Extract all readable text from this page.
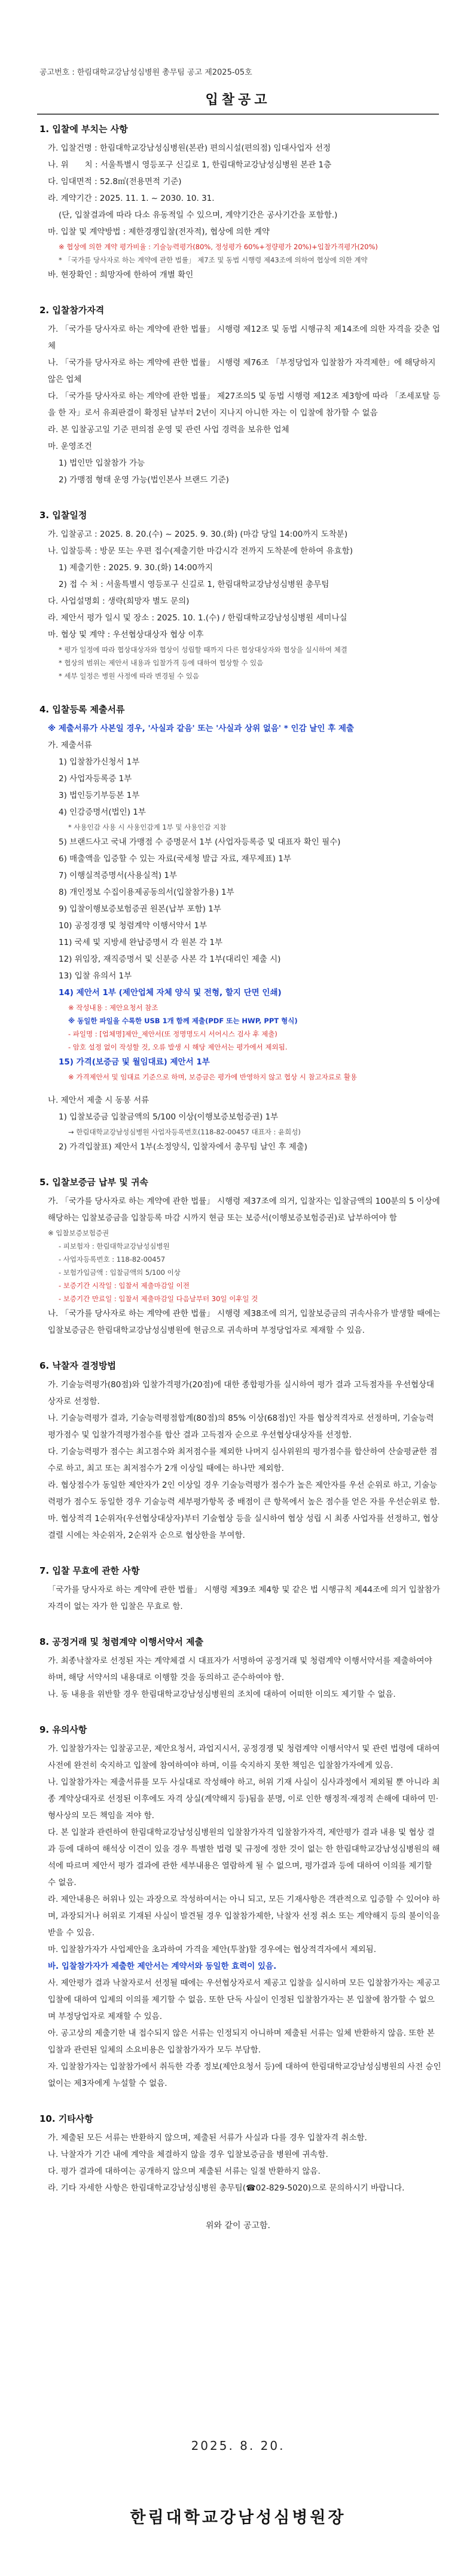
공고번호 : 한림대학교강남성심병원 총무팀 공고 제2025-05호
입찰공고
1. 입찰에 부치는 사항
가. 입찰건명 : 한림대학교강남성심병원(본관) 편의시설(편의점) 임대사업자 선정
나. 위　　치 : 서울특별시 영등포구 신길로 1, 한림대학교강남성심병원 본관 1층
다. 임대면적 : 52.8㎡(전용면적 기준)
라. 계약기간 : 2025. 11. 1. ~ 2030. 10. 31.
(단, 입찰결과에 따라 다소 유동적일 수 있으며, 계약기간은 공사기간을 포함함.)
마. 입찰 및 계약방법 : 제한경쟁입찰(전자적), 협상에 의한 계약
※ 협상에 의한 계약 평가비율 : 기술능력평가(80%, 정성평가 60%+정량평가 20%)+입찰가격평가(20%)
* 「국가를 당사자로 하는 계약에 관한 법률」 제7조 및 동법 시행령 제43조에 의하여 협상에 의한 계약
바. 현장확인 : 희망자에 한하여 개별 확인
2. 입찰참가자격
가. 「국가를 당사자로 하는 계약에 관한 법률」 시행령 제12조 및 동법 시행규칙 제14조에 의한 자격을 갖춘 업체
나. 「국가를 당사자로 하는 계약에 관한 법률」 시행령 제76조 「부정당업자 입찰참가 자격제한」에 해당하지 않은 업체
다. 「국가를 당사자로 하는 계약에 관한 법률」 제27조의5 및 동법 시행령 제12조 제3항에 따라 「조세포탈 등을 한 자」로서 유죄판결이 확정된 날부터 2년이 지나지 아니한 자는 이 입찰에 참가할 수 없음
라. 본 입찰공고일 기준 편의점 운영 및 관련 사업 경력을 보유한 업체
마. 운영조건
1) 법인만 입찰참가 가능
2) 가맹점 형태 운영 가능(법인본사 브랜드 기준)
3. 입찰일정
가. 입찰공고 : 2025. 8. 20.(수) ~ 2025. 9. 30.(화) (마감 당일 14:00까지 도착분)
나. 입찰등록 : 방문 또는 우편 접수(제출기한 마감시각 전까지 도착분에 한하여 유효함)
1) 제출기한 : 2025. 9. 30.(화) 14:00까지
2) 접 수 처 : 서울특별시 영등포구 신길로 1, 한림대학교강남성심병원 총무팀
다. 사업설명회 : 생략(희망자 별도 문의)
라. 제안서 평가 일시 및 장소 : 2025. 10. 1.(수) / 한림대학교강남성심병원 세미나실
마. 협상 및 계약 : 우선협상대상자 협상 이후
* 평가 일정에 따라 협상대상자와 협상이 성립할 때까지 다른 협상대상자와 협상을 실시하여 체결
* 협상의 범위는 제안서 내용과 입찰가격 등에 대하여 협상할 수 있음
* 세부 일정은 병원 사정에 따라 변경될 수 있음
4. 입찰등록 제출서류
※ 제출서류가 사본일 경우, '사실과 같음' 또는 '사실과 상위 없음' * 인감 날인 후 제출
가. 제출서류
1) 입찰참가신청서 1부
2) 사업자등록증 1부
3) 법인등기부등본 1부
4) 인감증명서(법인) 1부
* 사용인감 사용 시 사용인감계 1부 및 사용인감 지참
5) 브랜드사고 국내 가맹점 수 증명문서 1부 (사업자등록증 및 대표자 확인 필수)
6) 매출액을 입증할 수 있는 자료(국세청 발급 자료, 재무제표) 1부
7) 이행실적증명서(사용실적) 1부
8) 개인정보 수집이용제공동의서(입찰참가용) 1부
9) 입찰이행보증보험증권 원본(납부 포함) 1부
10) 공정경쟁 및 청렴계약 이행서약서 1부
11) 국세 및 지방세 완납증명서 각 원본 각 1부
12) 위임장, 재직증명서 및 신분증 사본 각 1부(대리인 제출 시)
13) 입찰 유의서 1부
14) 제안서 1부 (제안업체 자체 양식 및 전형, 할지 단면 인쇄)
※ 작성내용 : 제안요청서 참조
※ 동일한 파일을 수록한 USB 1개 함께 제출(PDF 또는 HWP, PPT 형식)
- 파일명 : [업체명]제안_제안서(또 정명명도시 서어시스 검사 후 제출)
- 암호 설정 없이 작성할 것, 오류 발생 시 해당 제안서는 평가에서 제외됨.
15) 가격(보증금 및 월임대료) 제안서 1부
※ 가격제안서 및 임대료 기준으로 하며, 보증금은 평가에 반영하지 않고 협상 시 참고자료로 활용
나. 제안서 제출 시 동봉 서류
1) 입찰보증금 입찰금액의 5/100 이상(이행보증보험증권) 1부
→ 한림대학교강남성심병원 사업자등록번호(118-82-00457 대표자 : 윤희성)
2) 가격입찰표) 제안서 1부(소정양식, 입찰자에서 총무팀 날인 후 제출)
5. 입찰보증금 납부 및 귀속
가. 「국가를 당사자로 하는 계약에 관한 법률」 시행령 제37조에 의거, 입찰자는 입찰금액의 100분의 5 이상에 해당하는 입찰보증금을 입찰등록 마감 시까지 현금 또는 보증서(이행보증보험증권)로 납부하여야 함
※ 입찰보증보험증권
- 피보험자 : 한림대학교강남성심병원
- 사업자등록번호 : 118-82-00457
- 보험가입금액 : 입찰금액의 5/100 이상
- 보증기간 시작일 : 입찰서 제출마감일 이전
- 보증기간 만료일 : 입찰서 제출마감일 다음날부터 30일 이후일 것
나. 「국가를 당사자로 하는 계약에 관한 법률」 시행령 제38조에 의거, 입찰보증금의 귀속사유가 발생할 때에는 입찰보증금은 한림대학교강남성심병원에 현금으로 귀속하며 부정당업자로 제재할 수 있음.
6. 낙찰자 결정방법
가. 기술능력평가(80점)와 입찰가격평가(20점)에 대한 종합평가를 실시하여 평가 결과 고득점자를 우선협상대상자로 선정함.
나. 기술능력평가 결과, 기술능력평점합계(80점)의 85% 이상(68점)인 자를 협상적격자로 선정하며, 기술능력평가점수 및 입찰가격평가점수를 합산 결과 고득점자 순으로 우선협상대상자를 선정함.
다. 기술능력평가 점수는 최고점수와 최저점수를 제외한 나머지 심사위원의 평가점수를 합산하여 산술평균한 점수로 하고, 최고 또는 최저점수가 2개 이상일 때에는 하나만 제외함.
라. 협상점수가 동일한 제안자가 2인 이상일 경우 기술능력평가 점수가 높은 제안자를 우선 순위로 하고, 기술능력평가 점수도 동일한 경우 기술능력 세부평가항목 중 배점이 큰 항목에서 높은 점수를 얻은 자를 우선순위로 함.
마. 협상적격 1순위자(우선협상대상자)부터 기술협상 등을 실시하여 협상 성립 시 최종 사업자를 선정하고, 협상 결렬 시에는 차순위자, 2순위자 순으로 협상한을 부여함.
7. 입찰 무효에 관한 사항
「국가를 당사자로 하는 계약에 관한 법률」 시행령 제39조 제4항 및 같은 법 시행규칙 제44조에 의거 입찰참가자격이 없는 자가 한 입찰은 무효로 함.
8. 공정거래 및 청렴계약 이행서약서 제출
가. 최종낙찰자로 선정된 자는 계약체결 시 대표자가 서명하여 공정거래 및 청렴계약 이행서약서를 제출하여야 하며, 해당 서약서의 내용대로 이행할 것을 동의하고 준수하여야 함.
나. 동 내용을 위반할 경우 한림대학교강남성심병원의 조치에 대하여 어떠한 이의도 제기할 수 없음.
9. 유의사항
가. 입찰참가자는 입찰공고문, 제안요청서, 과업지시서, 공정경쟁 및 청렴계약 이행서약서 및 관련 법령에 대하여 사전에 완전히 숙지하고 입찰에 참여하여야 하며, 이를 숙지하지 못한 책임은 입찰참가자에게 있음.
나. 입찰참가자는 제출서류를 모두 사실대로 작성해야 하고, 허위 기재 사실이 심사과정에서 제외될 뿐 아니라 최종 계약상대자로 선정된 이후에도 자격 상실(계약해지 등)됨을 분명, 이로 인한 행정적·재정적 손해에 대하여 민·형사상의 모든 책임을 져야 함.
다. 본 입찰과 관련하여 한림대학교강남성심병원의 입찰참가자격 입찰참가자격, 제안평가 결과 내용 및 협상 결과 등에 대하여 해석상 이견이 있을 경우 특별한 법령 및 규정에 정한 것이 없는 한 한림대학교강남성심병원의 해석에 따르며 제안서 평가 결과에 관한 세부내용은 열람하게 될 수 없으며, 평가결과 등에 대하여 이의를 제기할 수 없음.
라. 제안내용은 허위나 있는 과장으로 작성하여서는 아니 되고, 모든 기재사항은 객관적으로 입증할 수 있어야 하며, 과장되거나 허위로 기재된 사실이 발견될 경우 입찰참가제한, 낙찰자 선정 취소 또는 계약해지 등의 불이익을 받을 수 있음.
마. 입찰참가자가 사업제안을 초과하여 가격을 제안(투찰)할 경우에는 협상적격자에서 제외됨.
바. 입찰참가자가 제출한 제안서는 계약서와 동일한 효력이 있음.
사. 제안평가 결과 낙찰자로서 선정될 때에는 우선협상자로서 제공고 입찰을 실시하며 모든 입찰참가자는 제공고 입찰에 대하여 입제의 이의를 제기할 수 없음. 또한 단독 사실이 인정된 입찰참가자는 본 입찰에 참가할 수 없으며 부정당업자로 제재할 수 있음.
아. 공고상의 제출기한 내 접수되지 않은 서류는 인정되지 아니하며 제출된 서류는 일체 반환하지 않음. 또한 본 입찰과 관련된 일체의 소요비용은 입찰참가자가 모두 부담함.
자. 입찰참가자는 입찰참가에서 취득한 각종 정보(제안요청서 등)에 대하여 한림대학교강남성심병원의 사전 승인 없이는 제3자에게 누설할 수 없음.
10. 기타사항
가. 제출된 모든 서류는 반환하지 않으며, 제출된 서류가 사실과 다를 경우 입찰자격 취소함.
나. 낙찰자가 기간 내에 계약을 체결하지 않을 경우 입찰보증금을 병원에 귀속함.
다. 평가 결과에 대하여는 공개하지 않으며 제출된 서류는 일절 반환하지 않음.
라. 기타 자세한 사항은 한림대학교강남성심병원 총무팀(☎02-829-5020)으로 문의하시기 바랍니다.
위와 같이 공고함.
2025. 8. 20.
한림대학교강남성심병원장
